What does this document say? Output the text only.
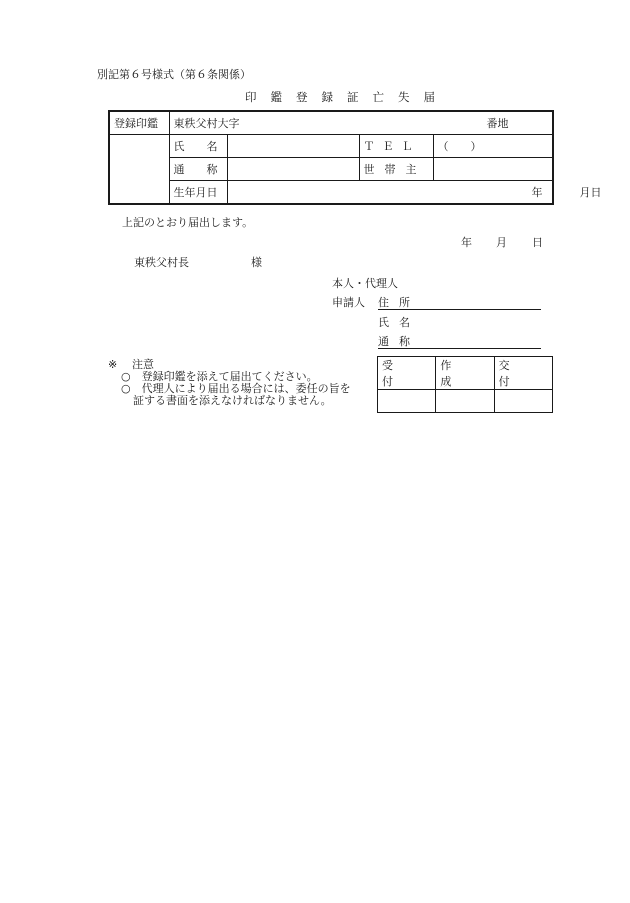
別記第６号様式（第６条関係）
印鑑登録証亡失届
登録印鑑	東秩父村大字 番地				

	氏名		ＴＥＬ	（　　）	
	通称		世帯主		
	生年月日	年			月 日
上記のとおり届出します。
年 月 日
東秩父村長	様
本人・代理人
申請人 住所
氏名
通称
※ 注意
○　登録印鑑を添えて届出てください。
○　代理人により届出る場合には、委任の旨を
証する書面を添えなければなりません。
受付	作成	交付
